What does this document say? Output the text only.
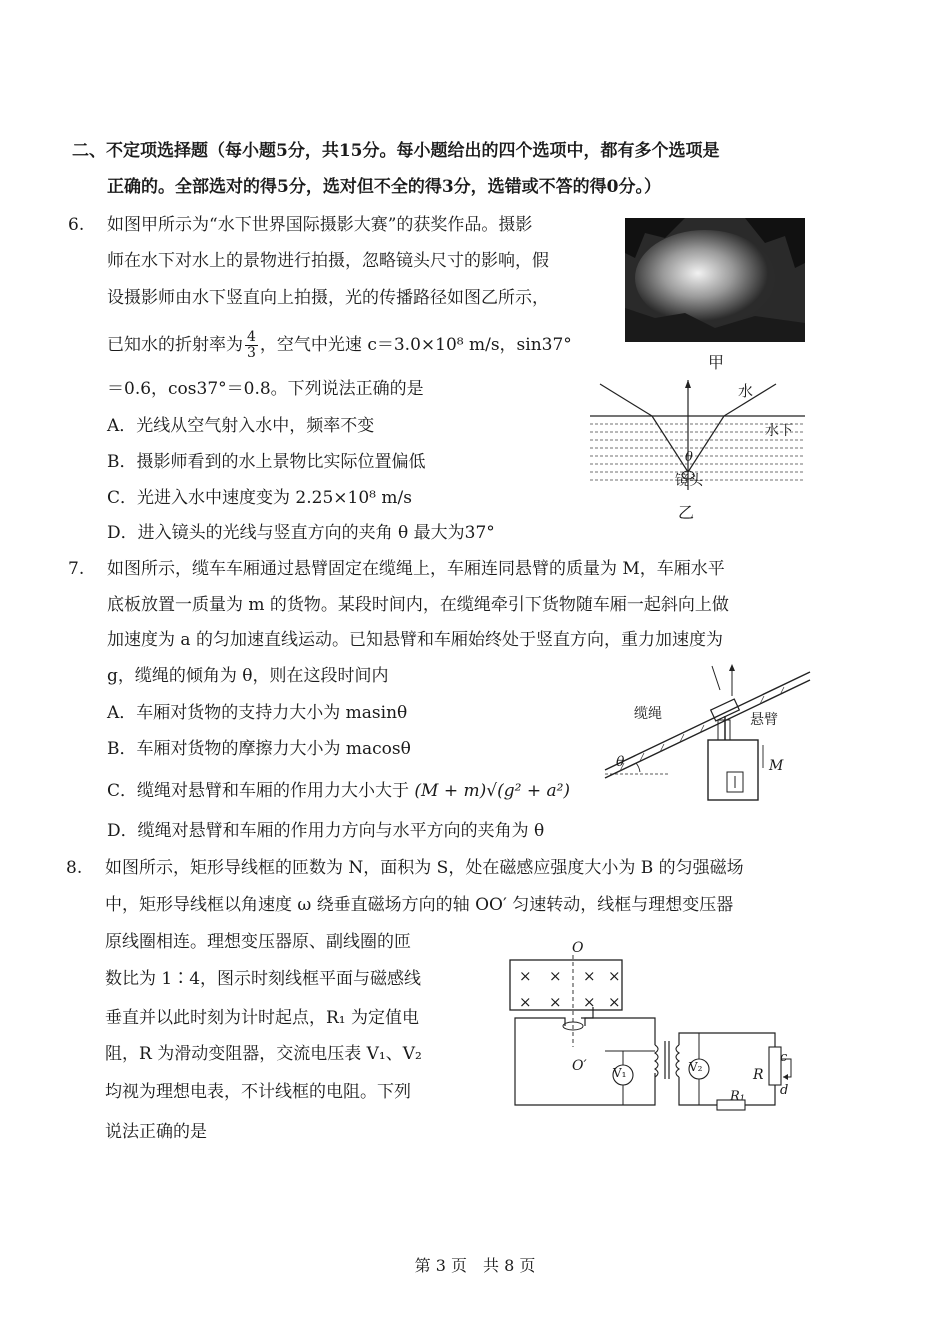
二、不定项选择题（每小题5分，共15分。每小题给出的四个选项中，都有多个选项是
正确的。全部选对的得5分，选对但不全的得3分，选错或不答的得0分。）
6. 如图甲所示为“水下世界国际摄影大赛”的获奖作品。摄影
师在水下对水上的景物进行拍摄，忽略镜头尺寸的影响，假
设摄影师由水下竖直向上拍摄，光的传播路径如图乙所示，
已知水的折射率为 $\frac{4}{3}$ ，空气中光速 c＝3.0×10⁸ m/s，sin37°
＝0.6，cos37°＝0.8。下列说法正确的是
A．光线从空气射入水中，频率不变
B．摄影师看到的水上景物比实际位置偏低
C．光进入水中速度变为 2.25×10⁸ m/s
D．进入镜头的光线与竖直方向的夹角 θ 最大为37°
甲
水
水下
θ
镜头
乙
7. 如图所示，缆车车厢通过悬臂固定在缆绳上，车厢连同悬臂的质量为 M，车厢水平
底板放置一质量为 m 的货物。某段时间内，在缆绳牵引下货物随车厢一起斜向上做
加速度为 a 的匀加速直线运动。已知悬臂和车厢始终处于竖直方向，重力加速度为
g，缆绳的倾角为 θ，则在这段时间内
A．车厢对货物的支持力大小为 masinθ
B．车厢对货物的摩擦力大小为 macosθ
C．缆绳对悬臂和车厢的作用力大小大于 (M + m)√(g² + a²)
D．缆绳对悬臂和车厢的作用力方向与水平方向的夹角为 θ
缆绳	悬臂
M
θ
8. 如图所示，矩形导线框的匝数为 N，面积为 S，处在磁感应强度大小为 B 的匀强磁场
中，矩形导线框以角速度 ω 绕垂直磁场方向的轴 OO′ 匀速转动，线框与理想变压器
原线圈相连。理想变压器原、副线圈的匝
数比为 1∶4，图示时刻线框平面与磁感线
垂直并以此时刻为计时起点，R₁ 为定值电
阻，R 为滑动变阻器，交流电压表 V₁、V₂
均视为理想电表，不计线框的电阻。下列
说法正确的是
O
O′ V₁	V₂	R
R₁
c
d
× × × ×
× × × ×
第 3 页　共 8 页
